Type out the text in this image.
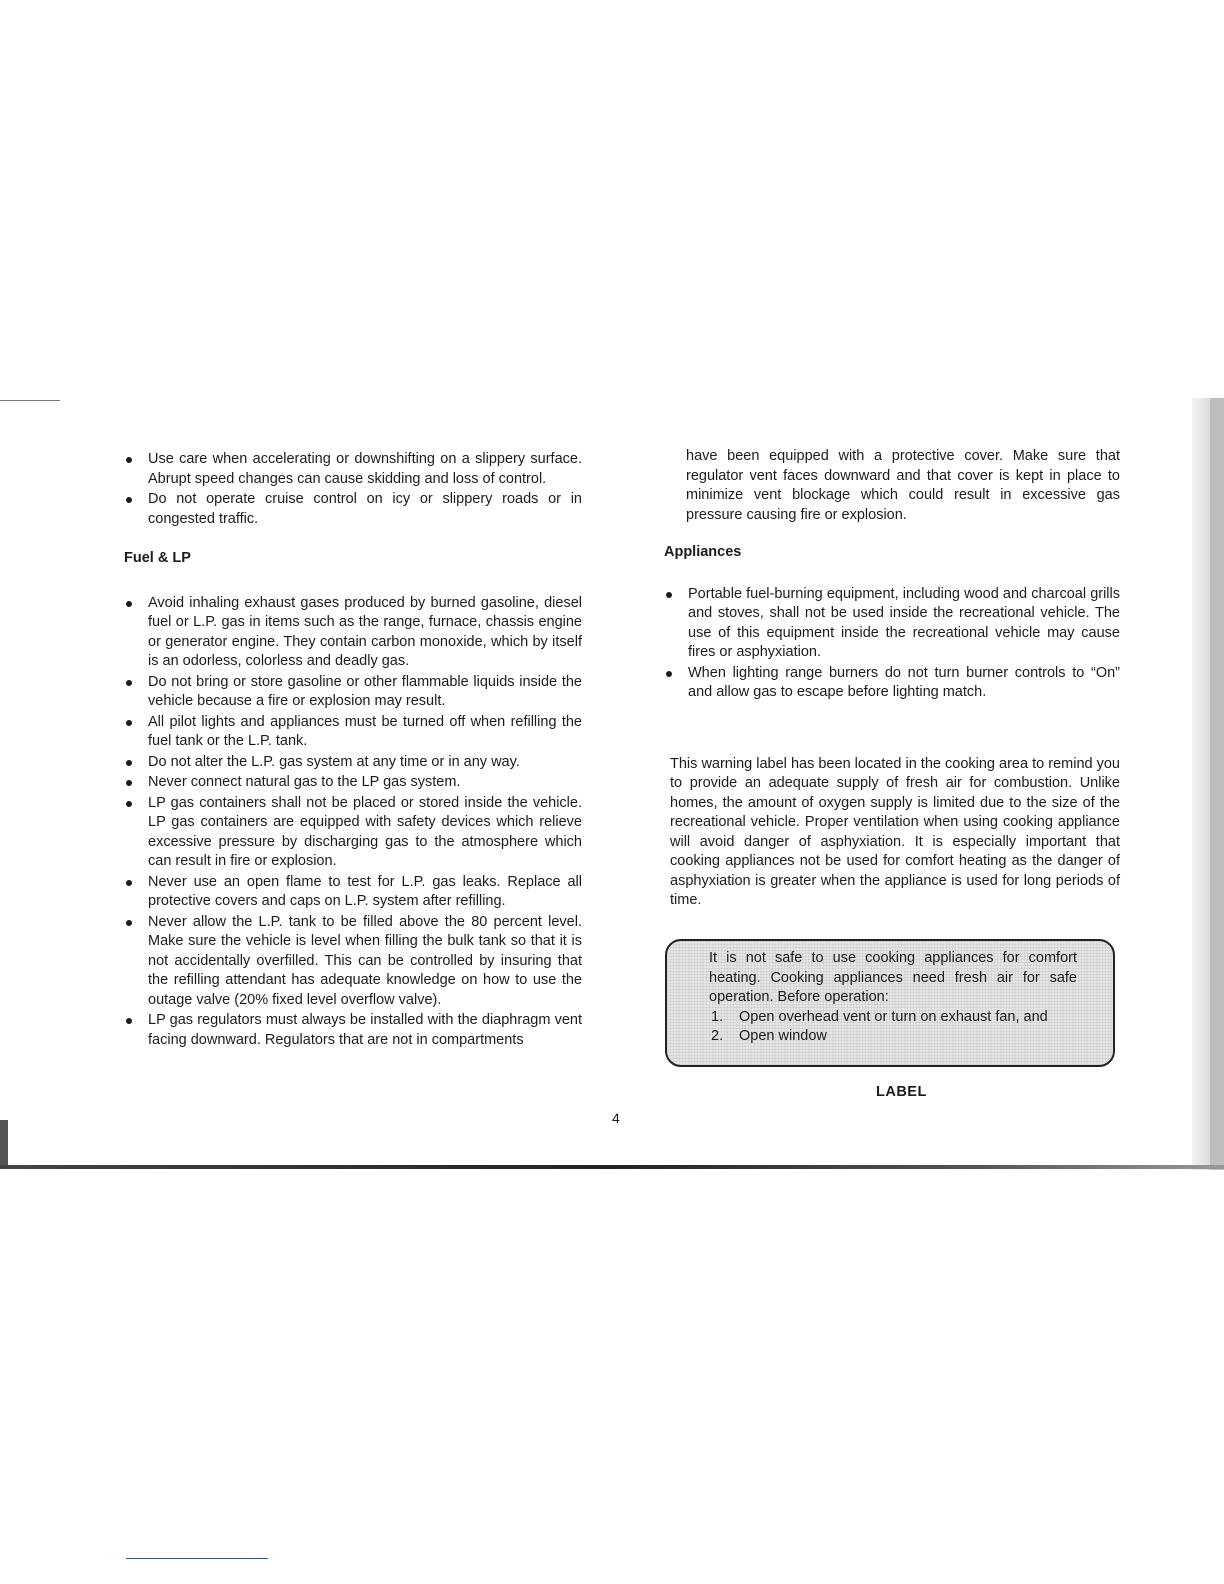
Use care when accelerating or downshifting on a slippery surface. Abrupt speed changes can cause skidding and loss of control.
Do not operate cruise control on icy or slippery roads or in congested traffic.

Fuel & LP

Avoid inhaling exhaust gases produced by burned gasoline, diesel fuel or L.P. gas in items such as the range, furnace, chassis engine or generator engine. They contain carbon monoxide, which by itself is an odorless, colorless and deadly gas.
Do not bring or store gasoline or other flammable liquids inside the vehicle because a fire or explosion may result.
All pilot lights and appliances must be turned off when refilling the fuel tank or the L.P. tank.
Do not alter the L.P. gas system at any time or in any way.
Never connect natural gas to the LP gas system.
LP gas containers shall not be placed or stored inside the vehicle. LP gas containers are equipped with safety devices which relieve excessive pressure by discharging gas to the atmosphere which can result in fire or explosion.
Never use an open flame to test for L.P. gas leaks. Replace all protective covers and caps on L.P. system after refilling.
Never allow the L.P. tank to be filled above the 80 percent level. Make sure the vehicle is level when filling the bulk tank so that it is not accidentally overfilled. This can be controlled by insuring that the refilling attendant has adequate knowledge on how to use the outage valve (20% fixed level overflow valve).
LP gas regulators must always be installed with the diaphragm vent facing downward. Regulators that are not in compartments

have been equipped with a protective cover. Make sure that regulator vent faces downward and that cover is kept in place to minimize vent blockage which could result in excessive gas pressure causing fire or explosion.

Appliances

Portable fuel-burning equipment, including wood and charcoal grills and stoves, shall not be used inside the recreational vehicle. The use of this equipment inside the recreational vehicle may cause fires or asphyxiation.
When lighting range burners do not turn burner controls to “On” and allow gas to escape before lighting match.

This warning label has been located in the cooking area to remind you to provide an adequate supply of fresh air for combustion. Unlike homes, the amount of oxygen supply is limited due to the size of the recreational vehicle. Proper ventilation when using cooking appliance will avoid danger of asphyxiation. It is especially important that cooking appliances not be used for comfort heating as the danger of asphyxiation is greater when the appliance is used for long periods of time.

It is not safe to use cooking appliances for comfort heating. Cooking appliances need fresh air for safe operation. Before operation:

1. Open overhead vent or turn on exhaust fan, and
2. Open window
LABEL
4
